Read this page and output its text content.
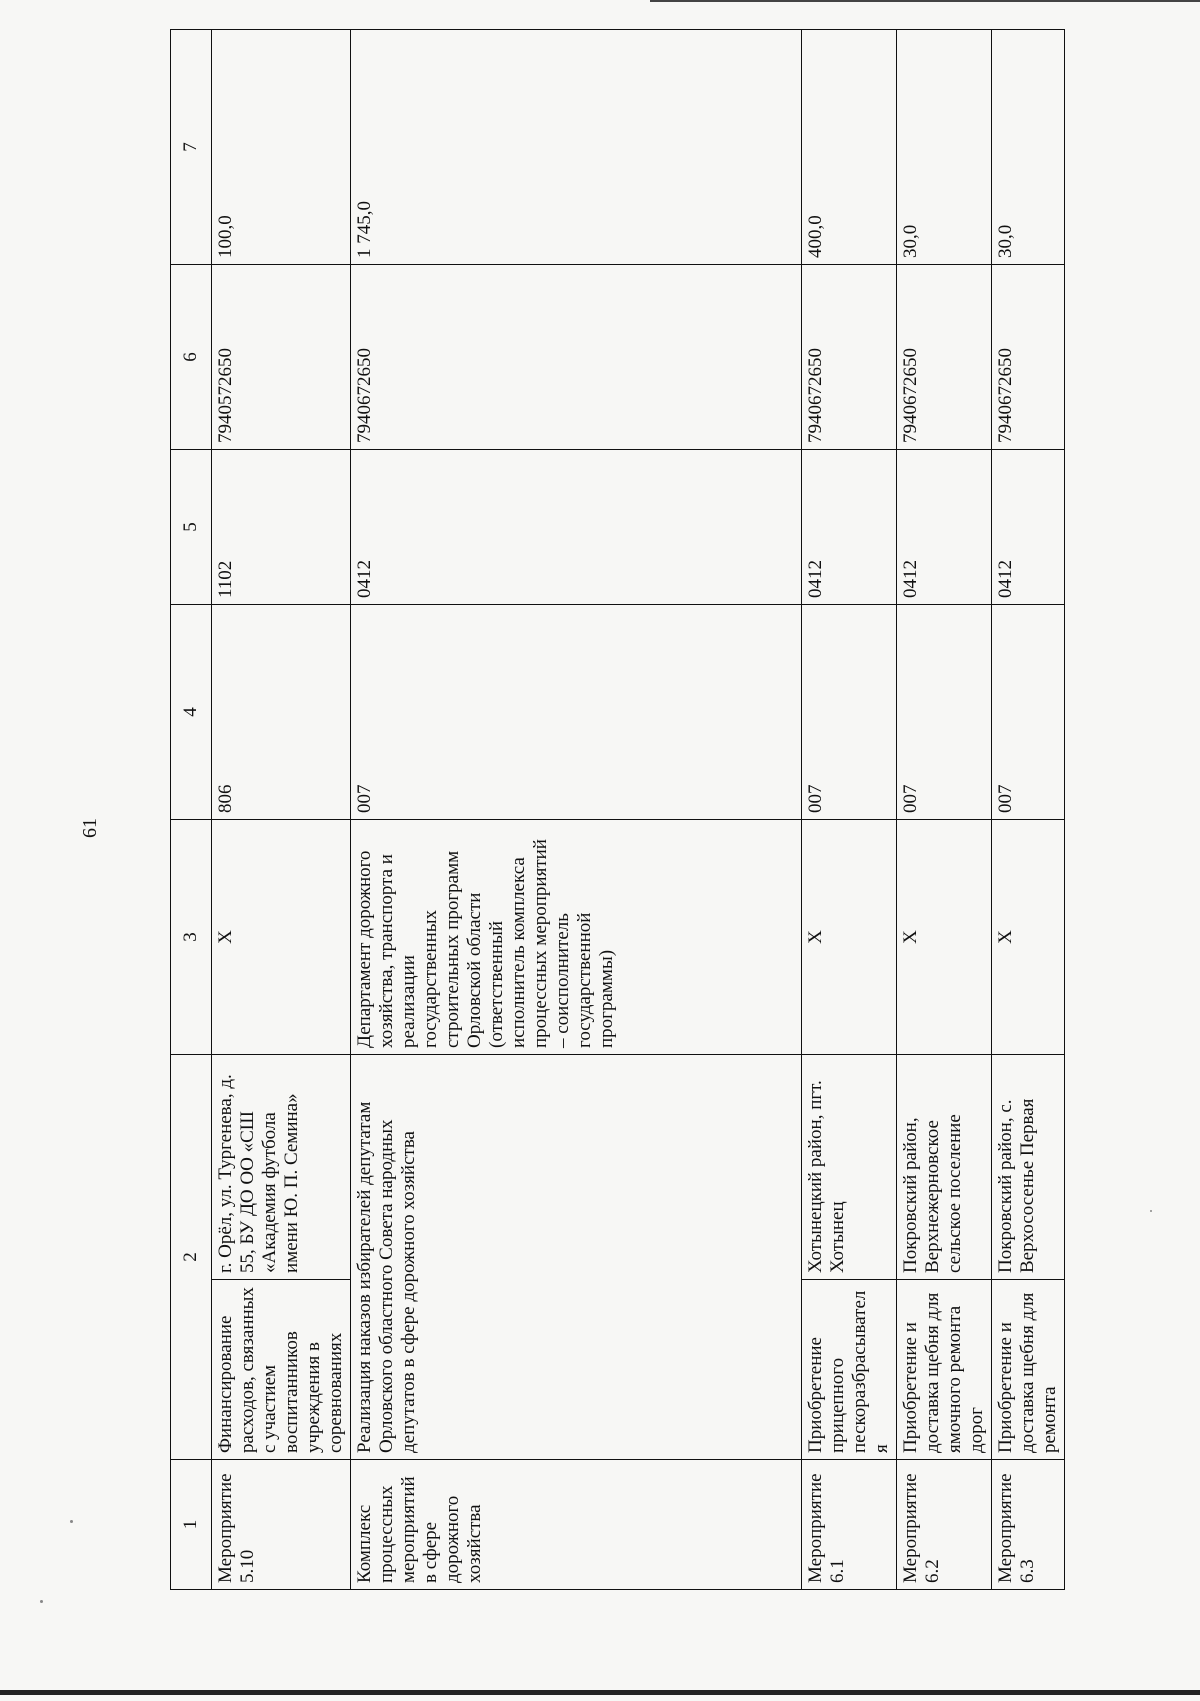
61
1	2		3	4	5	6	7
Мероприятие 5.10	Финансирование расходов, связанных с участием воспитанников учреждения в соревнованиях	г. Орёл, ул. Тургенева, д. 55, БУ ДО ОО «СШ «Академия футбола имени Ю. П. Семина»	X	806	1102	7940572650	100,0
Комплекс процессных мероприятий в сфере дорожного хозяйства	Реализация наказов избирателей депутатам Орловского областного Совета народных депутатов в сфере дорожного хозяйства		Департамент дорожного хозяйства, транспорта и реализации государственных строительных программ Орловской области (ответственный исполнитель комплекса процессных мероприятий – соисполнитель государственной программы)	007	0412	7940672650	1 745,0
Мероприятие 6.1	Приобретение прицепного пескоразбрасывателя	Хотынецкий район, пгт. Хотынец	X	007	0412	7940672650	400,0
Мероприятие 6.2	Приобретение и доставка щебня для ямочного ремонта дорог	Покровский район, Верхнежерновское сельское поселение	X	007	0412	7940672650	30,0
Мероприятие 6.3	Приобретение и доставка щебня для ремонта	Покровский район, с. Верхососенье Первая	X	007	0412	7940672650	30,0
